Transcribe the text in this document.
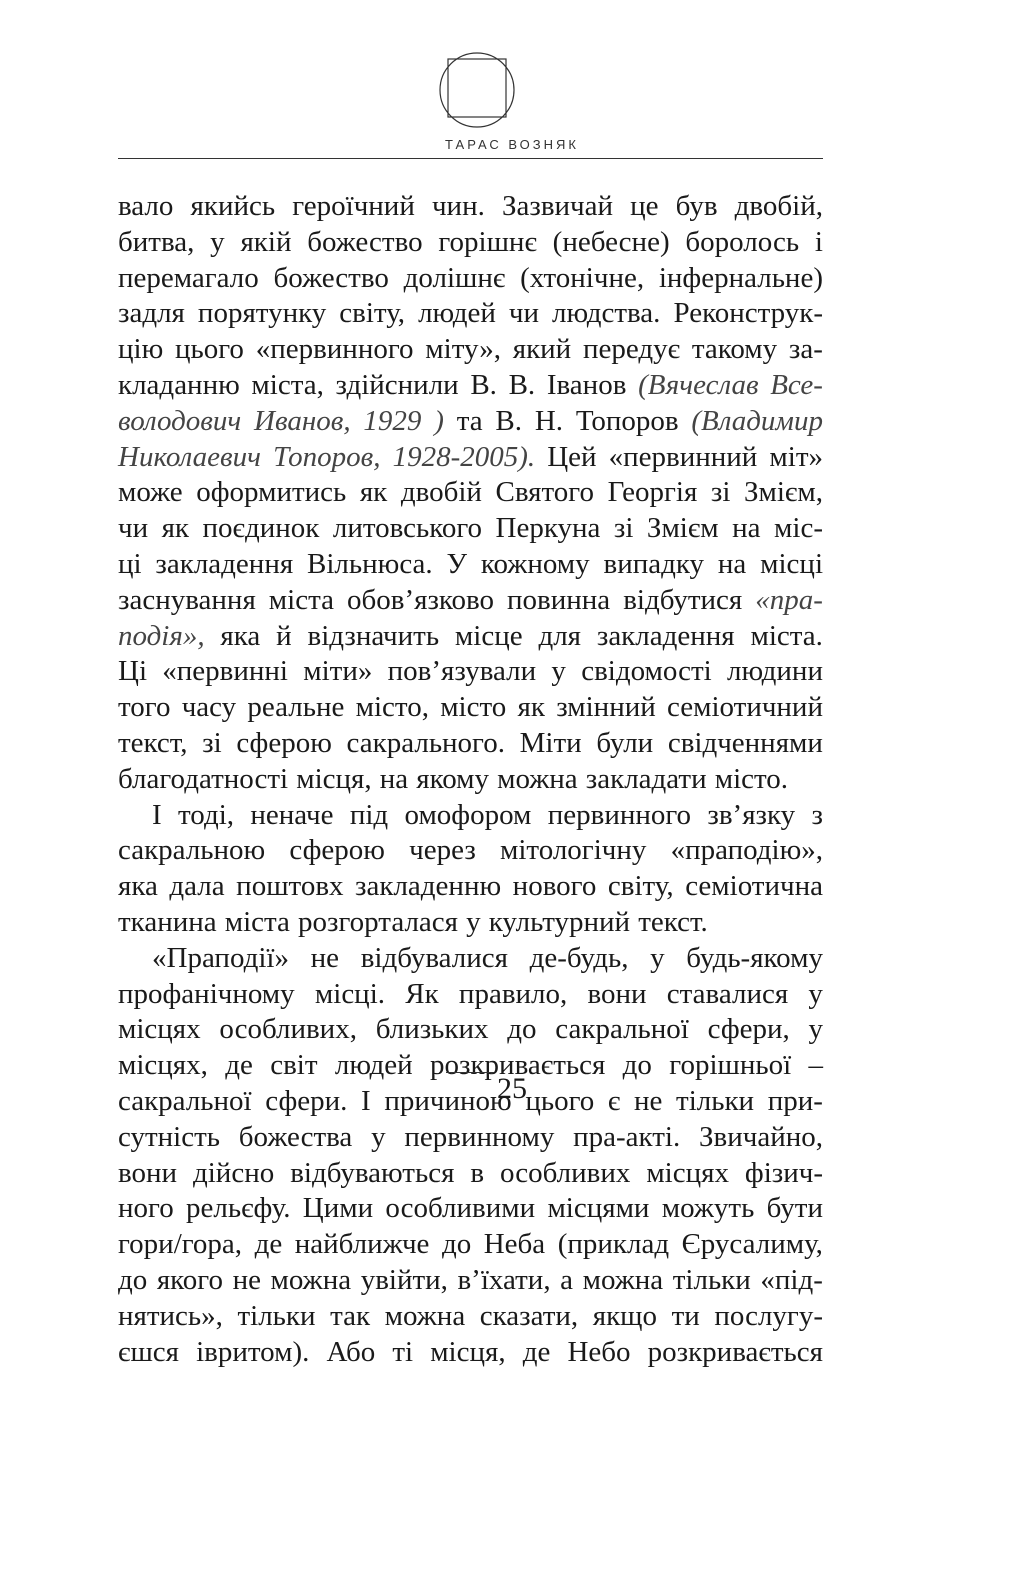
ТАРАС ВОЗНЯК
вало якийсь героїчний чин. Зазвичай це був двобій,
битва, у якій божество горішнє (небесне) боролось і
перемагало божество долішнє (хтонічне, інфернальне)
задля порятунку світу, людей чи людства. Реконструк-
цію цього «первинного міту», який передує такому за-
кладанню міста, здійснили В. В. Іванов (Вячеслав Все-
володович Иванов, 1929 ) та В. Н. Топоров (Владимир
Николаевич Топоров, 1928-2005). Цей «первинний міт»
може оформитись як двобій Святого Георгія зі Змієм,
чи як поєдинок литовського Перкуна зі Змієм на міс-
ці закладення Вільнюса. У кожному випадку на місці
заснування міста обов’язково повинна відбутися «пра-
подія», яка й відзначить місце для закладення міста.
Ці «первинні міти» пов’язували у свідомості людини
того часу реальне місто, місто як змінний семіотичний
текст, зі сферою сакрального. Міти були свідченнями
благодатності місця, на якому можна закладати місто.
І тоді, неначе під омофором первинного зв’язку з
сакральною сферою через мітологічну «праподію»,
яка дала поштовх закладенню нового світу, семіотична
тканина міста розгорталася у культурний текст.
«Праподії» не відбувалися де-будь, у будь-якому
профанічному місці. Як правило, вони ставалися у
місцях особливих, близьких до сакральної сфери, у
місцях, де світ людей розкривається до горішньої –
сакральної сфери. І причиною цього є не тільки при-
сутність божества у первинному пра-акті. Звичайно,
вони дійсно відбуваються в особливих місцях фізич-
ного рельєфу. Цими особливими місцями можуть бути
гори/гора, де найближче до Неба (приклад Єрусалиму,
до якого не можна увійти, в’їхати, а можна тільки «під-
нятись», тільки так можна сказати, якщо ти послугу-
єшся івритом). Або ті місця, де Небо розкривається
25
